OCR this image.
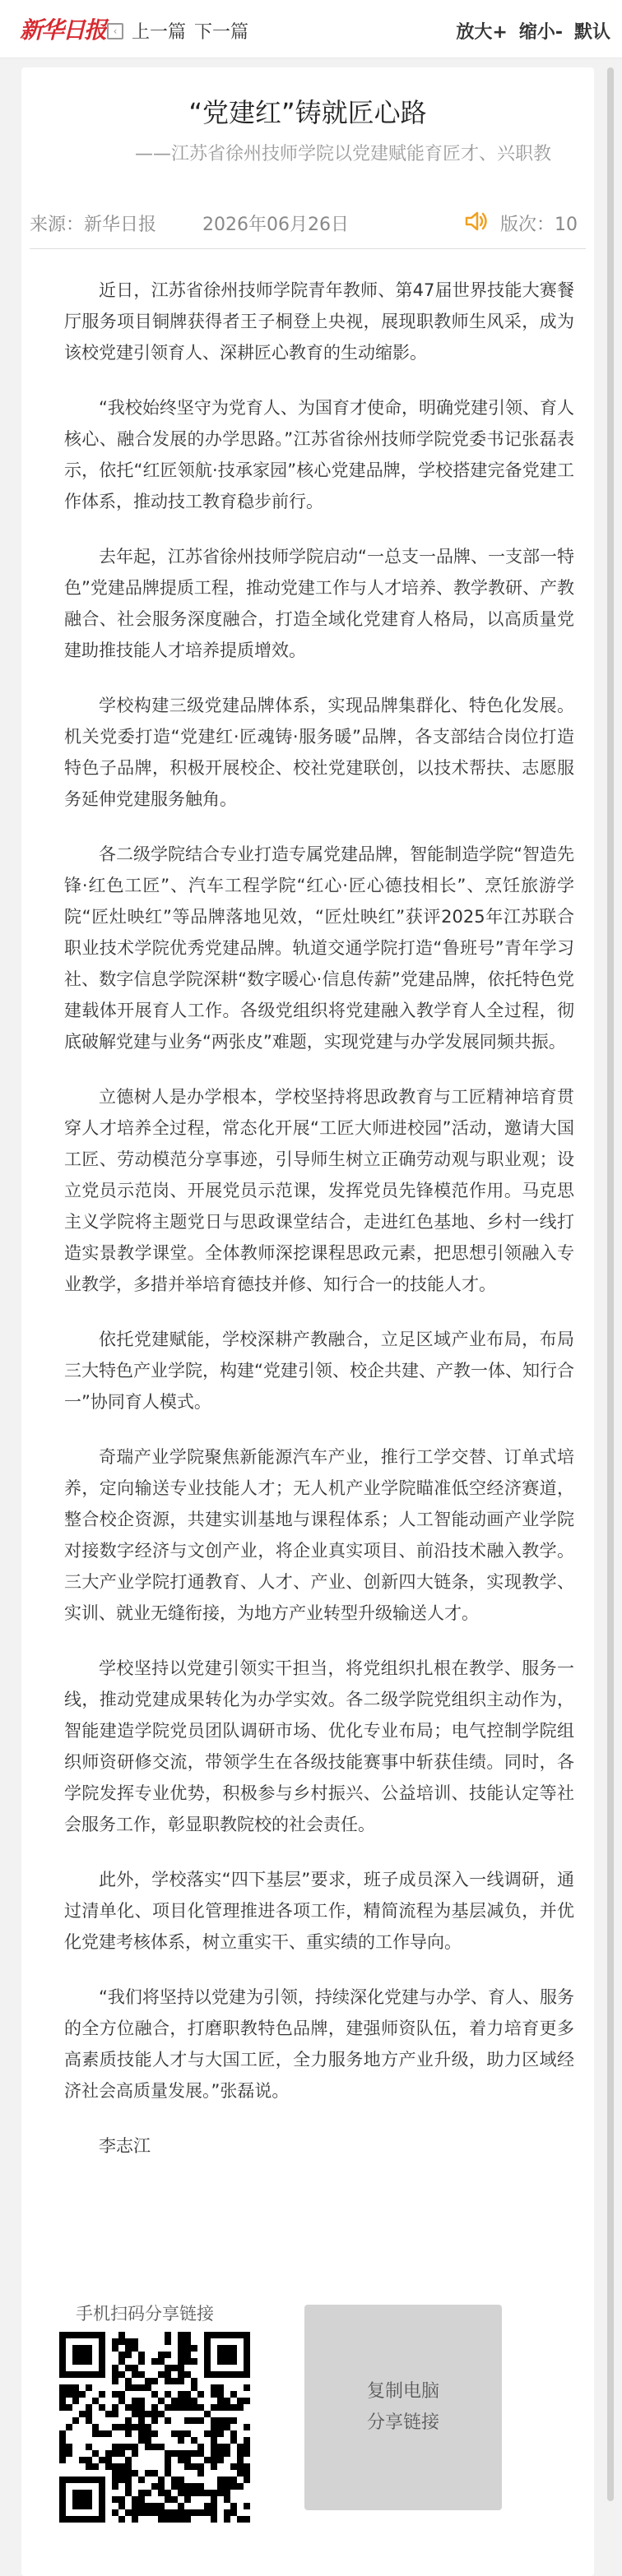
新华日报 ‹ 上一篇 下一篇	放大+ 缩小- 默认
“党建红”铸就匠心路
——江苏省徐州技师学院以党建赋能育匠才、兴职教
来源：新华日报	2026年06月26日	版次：10

近日，江苏省徐州技师学院青年教师、第47届世界技能大赛餐厅服务项目铜牌获得者王子桐登上央视，展现职教师生风采，成为该校党建引领育人、深耕匠心教育的生动缩影。

“我校始终坚守为党育人、为国育才使命，明确党建引领、育人核心、融合发展的办学思路。”江苏省徐州技师学院党委书记张磊表示，依托“红匠领航·技承家园”核心党建品牌，学校搭建完备党建工作体系，推动技工教育稳步前行。

去年起，江苏省徐州技师学院启动“一总支一品牌、一支部一特色”党建品牌提质工程，推动党建工作与人才培养、教学教研、产教融合、社会服务深度融合，打造全域化党建育人格局，以高质量党建助推技能人才培养提质增效。

学校构建三级党建品牌体系，实现品牌集群化、特色化发展。机关党委打造“党建红·匠魂铸·服务暖”品牌，各支部结合岗位打造特色子品牌，积极开展校企、校社党建联创，以技术帮扶、志愿服务延伸党建服务触角。

各二级学院结合专业打造专属党建品牌，智能制造学院“智造先锋·红色工匠”、汽车工程学院“红心·匠心德技相长”、烹饪旅游学院“匠灶映红”等品牌落地见效，“匠灶映红”获评2025年江苏联合职业技术学院优秀党建品牌。轨道交通学院打造“鲁班号”青年学习社、数字信息学院深耕“数字暖心·信息传薪”党建品牌，依托特色党建载体开展育人工作。各级党组织将党建融入教学育人全过程，彻底破解党建与业务“两张皮”难题，实现党建与办学发展同频共振。

立德树人是办学根本，学校坚持将思政教育与工匠精神培育贯穿人才培养全过程，常态化开展“工匠大师进校园”活动，邀请大国工匠、劳动模范分享事迹，引导师生树立正确劳动观与职业观；设立党员示范岗、开展党员示范课，发挥党员先锋模范作用。马克思主义学院将主题党日与思政课堂结合，走进红色基地、乡村一线打造实景教学课堂。全体教师深挖课程思政元素，把思想引领融入专业教学，多措并举培育德技并修、知行合一的技能人才。

依托党建赋能，学校深耕产教融合，立足区域产业布局，布局三大特色产业学院，构建“党建引领、校企共建、产教一体、知行合一”协同育人模式。

奇瑞产业学院聚焦新能源汽车产业，推行工学交替、订单式培养，定向输送专业技能人才；无人机产业学院瞄准低空经济赛道，整合校企资源，共建实训基地与课程体系；人工智能动画产业学院对接数字经济与文创产业，将企业真实项目、前沿技术融入教学。三大产业学院打通教育、人才、产业、创新四大链条，实现教学、实训、就业无缝衔接，为地方产业转型升级输送人才。

学校坚持以党建引领实干担当，将党组织扎根在教学、服务一线，推动党建成果转化为办学实效。各二级学院党组织主动作为，智能建造学院党员团队调研市场、优化专业布局；电气控制学院组织师资研修交流，带领学生在各级技能赛事中斩获佳绩。同时，各学院发挥专业优势，积极参与乡村振兴、公益培训、技能认定等社会服务工作，彰显职教院校的社会责任。

此外，学校落实“四下基层”要求，班子成员深入一线调研，通过清单化、项目化管理推进各项工作，精简流程为基层减负，并优化党建考核体系，树立重实干、重实绩的工作导向。

“我们将坚持以党建为引领，持续深化党建与办学、育人、服务的全方位融合，打磨职教特色品牌，建强师资队伍，着力培育更多高素质技能人才与大国工匠，全力服务地方产业升级，助力区域经济社会高质量发展。”张磊说。

李志江

手机扫码分享链接
复制电脑
分享链接
